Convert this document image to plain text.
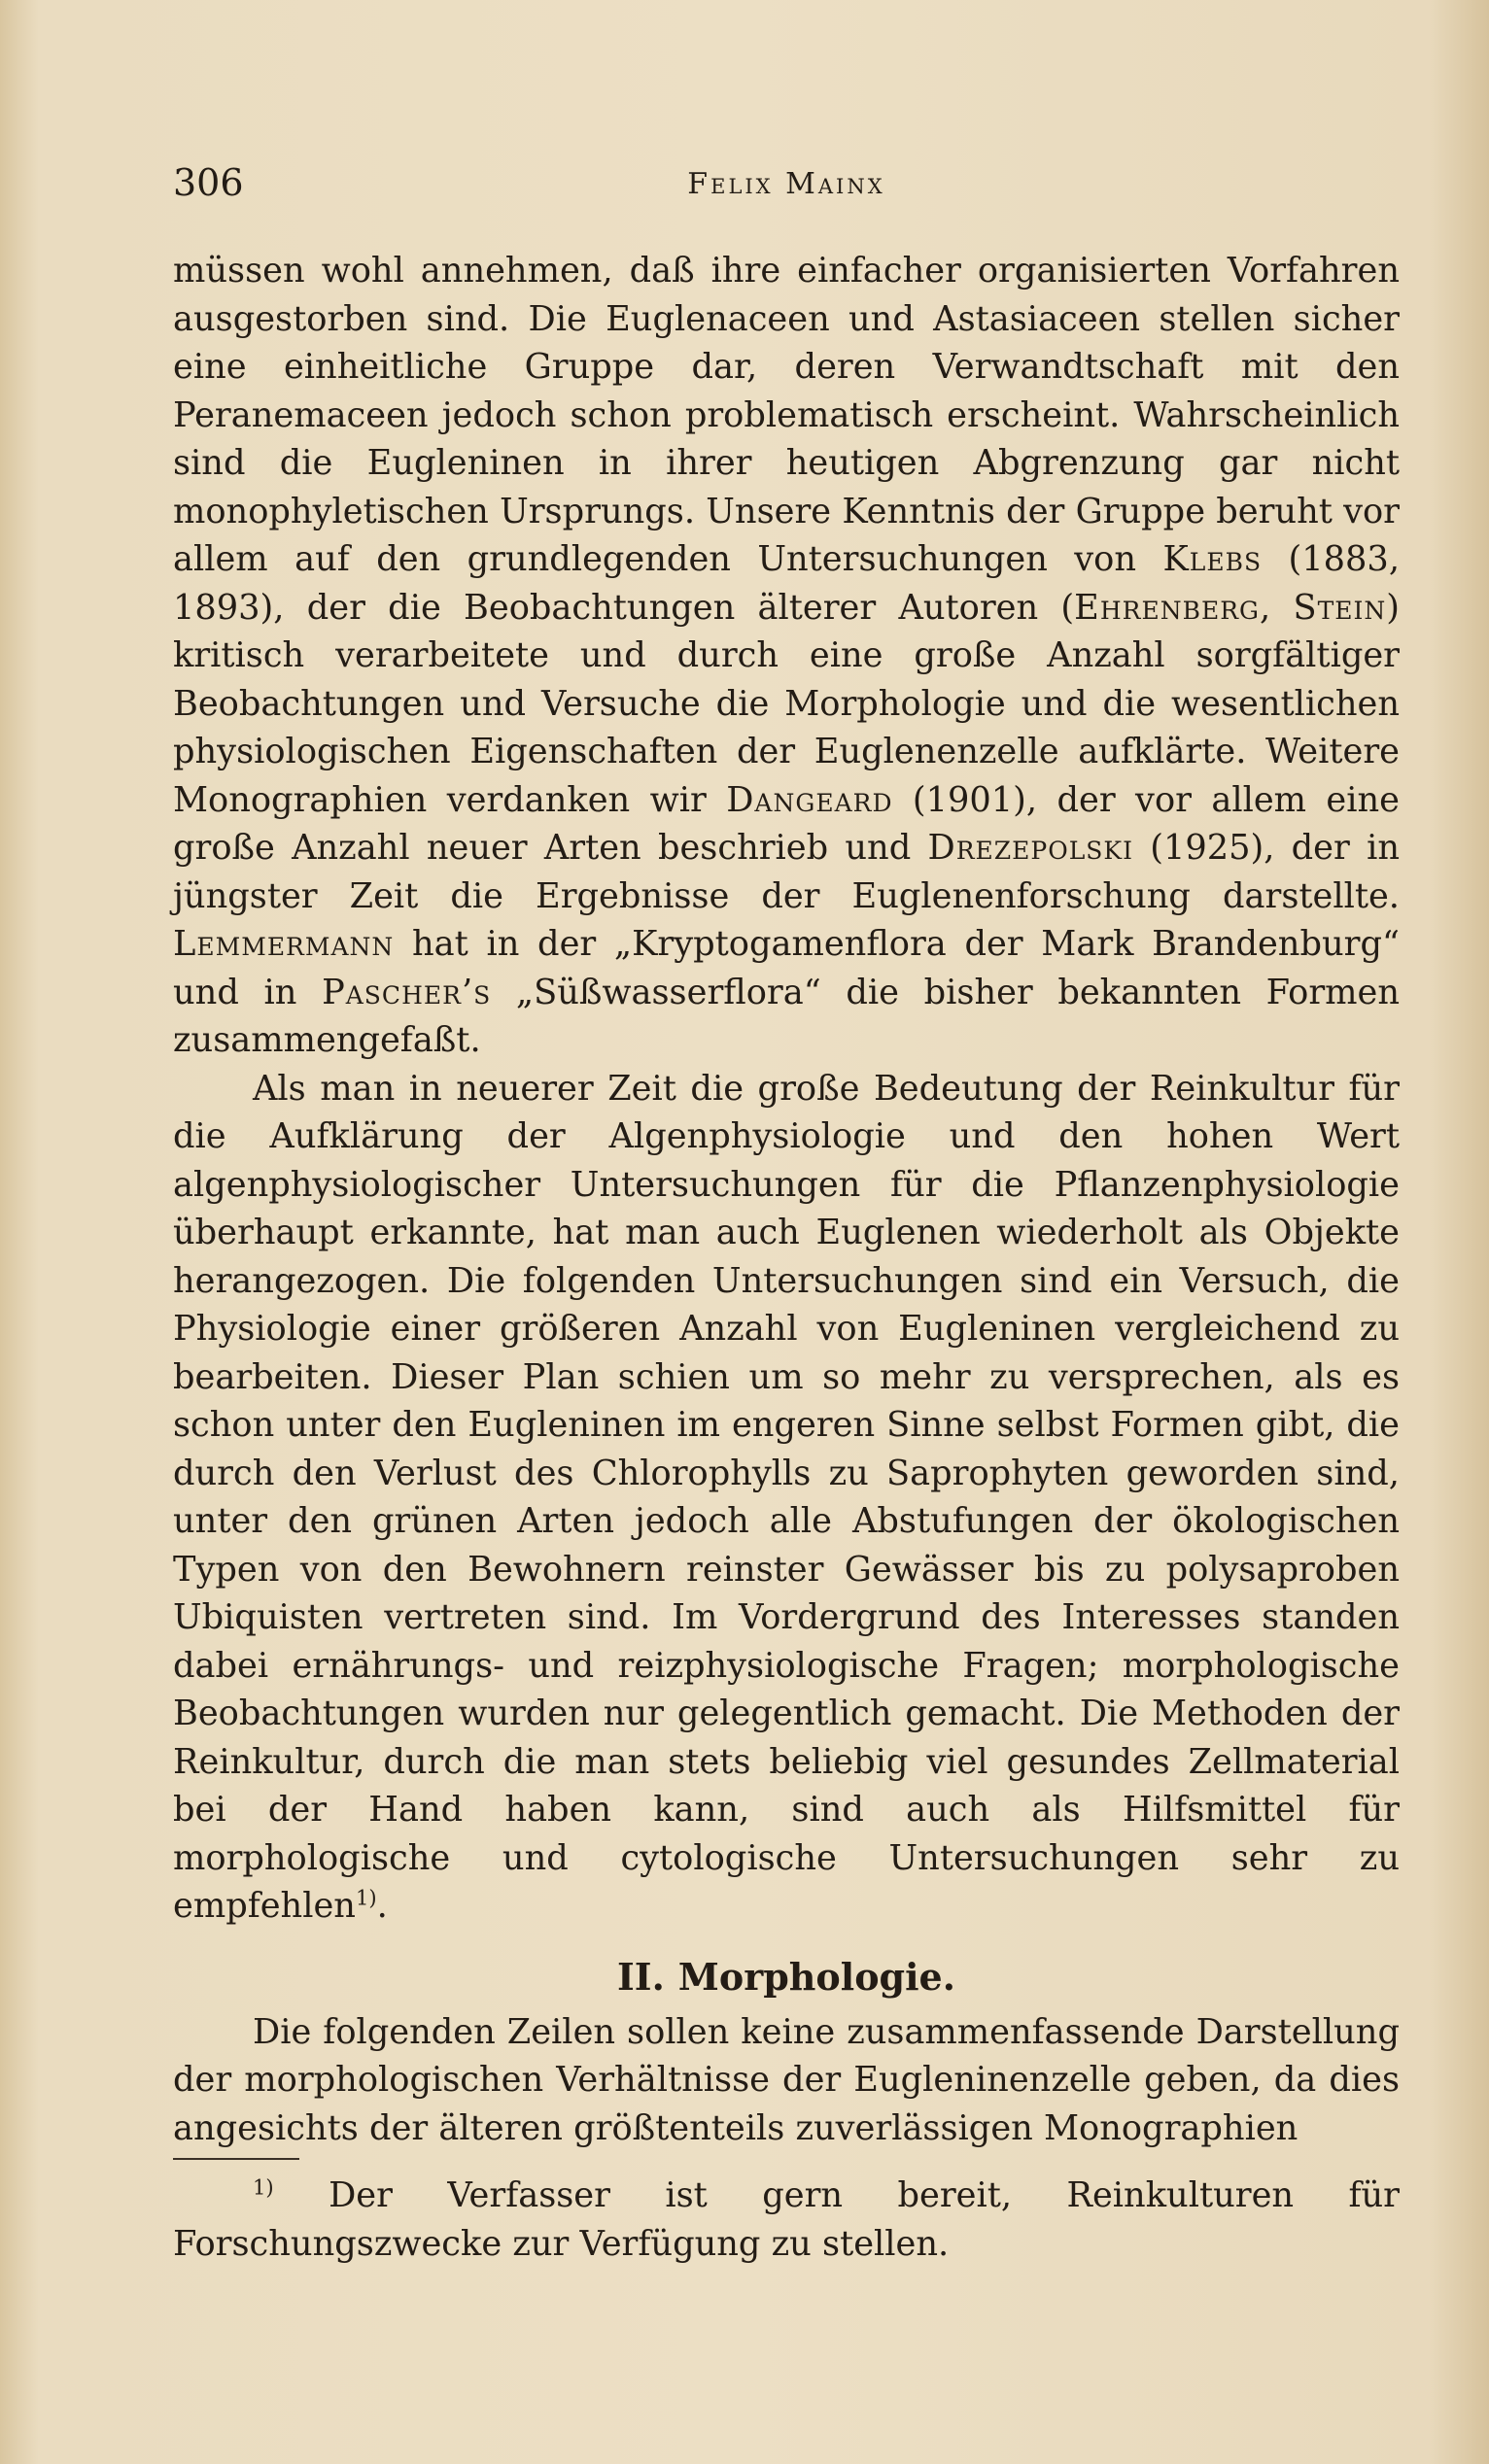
306	Felix Mainx

müssen wohl annehmen, daß ihre einfacher organisierten Vorfahren ausgestorben sind. Die Euglenaceen und Astasiaceen stellen sicher eine einheitliche Gruppe dar, deren Verwandtschaft mit den Peranemaceen jedoch schon problematisch erscheint. Wahrscheinlich sind die Eugleninen in ihrer heutigen Abgrenzung gar nicht monophyletischen Ursprungs. Unsere Kenntnis der Gruppe beruht vor allem auf den grundlegenden Untersuchungen von Klebs (1883, 1893), der die Beobachtungen älterer Autoren (Ehrenberg, Stein) kritisch verarbeitete und durch eine große Anzahl sorgfältiger Beobachtungen und Versuche die Morphologie und die wesentlichen physiologischen Eigenschaften der Euglenenzelle aufklärte. Weitere Monographien verdanken wir Dangeard (1901), der vor allem eine große Anzahl neuer Arten beschrieb und Drezepolski (1925), der in jüngster Zeit die Ergebnisse der Euglenenforschung darstellte. Lemmermann hat in der „Kryptogamenflora der Mark Brandenburg“ und in Pascher’s „Süßwasserflora“ die bisher bekannten Formen zusammengefaßt.

Als man in neuerer Zeit die große Bedeutung der Reinkultur für die Aufklärung der Algenphysiologie und den hohen Wert algenphysiologischer Untersuchungen für die Pflanzenphysiologie überhaupt erkannte, hat man auch Euglenen wiederholt als Objekte herangezogen. Die folgenden Untersuchungen sind ein Versuch, die Physiologie einer größeren Anzahl von Eugleninen vergleichend zu bearbeiten. Dieser Plan schien um so mehr zu versprechen, als es schon unter den Eugleninen im engeren Sinne selbst Formen gibt, die durch den Verlust des Chlorophylls zu Saprophyten geworden sind, unter den grünen Arten jedoch alle Abstufungen der ökologischen Typen von den Bewohnern reinster Gewässer bis zu polysaproben Ubiquisten vertreten sind. Im Vordergrund des Interesses standen dabei ernährungs- und reizphysiologische Fragen; morphologische Beobachtungen wurden nur gelegentlich gemacht. Die Methoden der Reinkultur, durch die man stets beliebig viel gesundes Zellmaterial bei der Hand haben kann, sind auch als Hilfsmittel für morphologische und cytologische Untersuchungen sehr zu empfehlen$^{1)}$.

II. Morphologie.

Die folgenden Zeilen sollen keine zusammenfassende Darstellung der morphologischen Verhältnisse der Eugleninenzelle geben, da dies angesichts der älteren größtenteils zuverlässigen Monographien

$^{1)}$ Der Verfasser ist gern bereit, Reinkulturen für Forschungszwecke zur Verfügung zu stellen.
